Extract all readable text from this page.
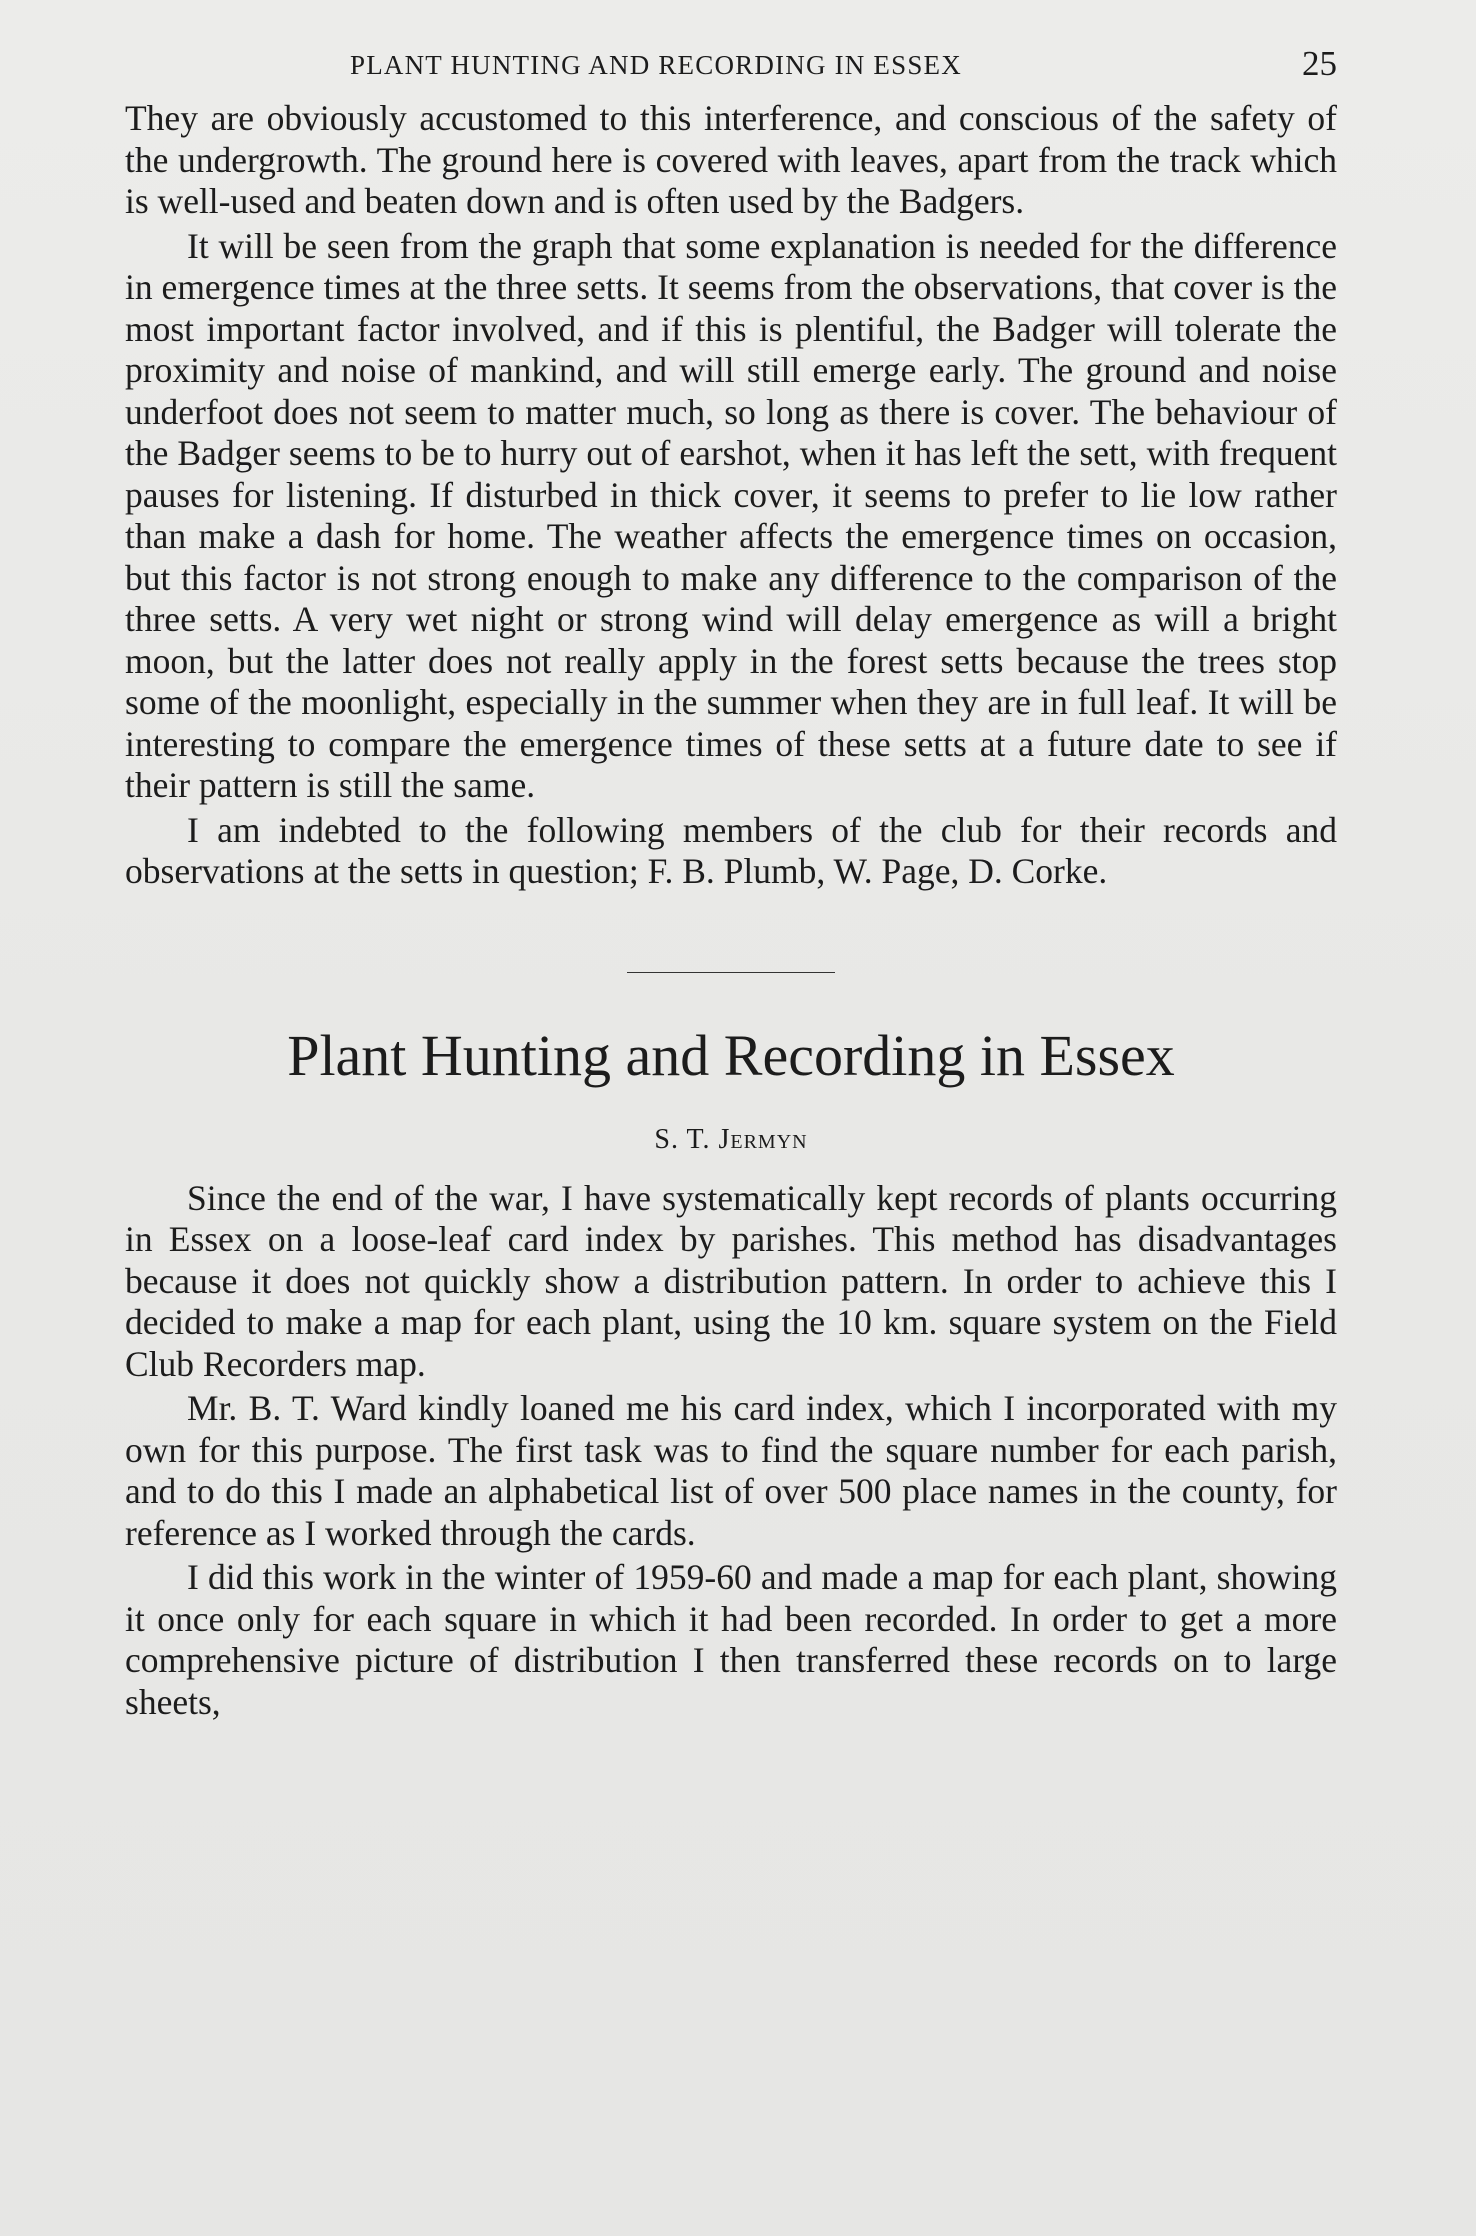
PLANT HUNTING AND RECORDING IN ESSEX	25

They are obviously accustomed to this interference, and conscious of the safety of the undergrowth. The ground here is covered with leaves, apart from the track which is well-used and beaten down and is often used by the Badgers.

It will be seen from the graph that some explanation is needed for the difference in emergence times at the three setts. It seems from the observations, that cover is the most important factor involved, and if this is plentiful, the Badger will tolerate the proximity and noise of mankind, and will still emerge early. The ground and noise underfoot does not seem to matter much, so long as there is cover. The behaviour of the Badger seems to be to hurry out of earshot, when it has left the sett, with frequent pauses for listening. If disturbed in thick cover, it seems to prefer to lie low rather than make a dash for home. The weather affects the emergence times on occasion, but this factor is not strong enough to make any difference to the comparison of the three setts. A very wet night or strong wind will delay emergence as will a bright moon, but the latter does not really apply in the forest setts because the trees stop some of the moonlight, especially in the summer when they are in full leaf. It will be interesting to compare the emergence times of these setts at a future date to see if their pattern is still the same.

I am indebted to the following members of the club for their records and observations at the setts in question; F. B. Plumb, W. Page, D. Corke.

Plant Hunting and Recording in Essex
S. T. Jermyn

Since the end of the war, I have systematically kept records of plants occurring in Essex on a loose-leaf card index by parishes. This method has disadvantages because it does not quickly show a distribution pattern. In order to achieve this I decided to make a map for each plant, using the 10 km. square system on the Field Club Recorders map.

Mr. B. T. Ward kindly loaned me his card index, which I incorporated with my own for this purpose. The first task was to find the square number for each parish, and to do this I made an alphabetical list of over 500 place names in the county, for reference as I worked through the cards.

I did this work in the winter of 1959-60 and made a map for each plant, showing it once only for each square in which it had been recorded. In order to get a more comprehensive picture of distribution I then transferred these records on to large sheets,
